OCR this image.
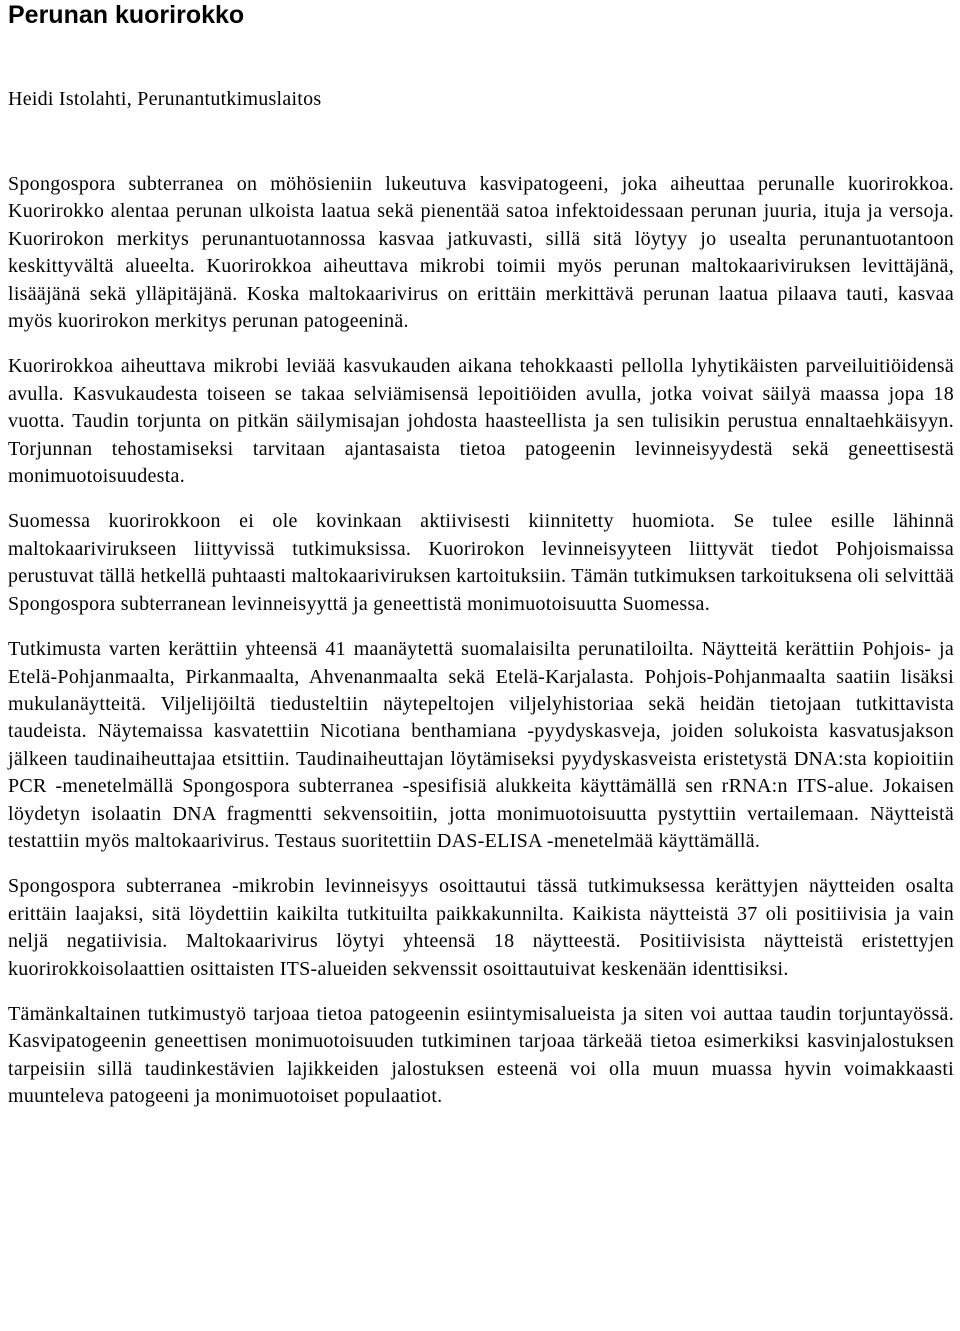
Perunan kuorirokko

Heidi Istolahti, Perunantutkimuslaitos

Spongospora subterranea on möhösieniin lukeutuva kasvipatogeeni, joka aiheuttaa perunalle kuorirokkoa. Kuorirokko alentaa perunan ulkoista laatua sekä pienentää satoa infektoidessaan perunan juuria, ituja ja versoja. Kuorirokon merkitys perunantuotannossa kasvaa jatkuvasti, sillä sitä löytyy jo usealta perunantuotantoon keskittyvältä alueelta. Kuorirokkoa aiheuttava mikrobi toimii myös perunan maltokaariviruksen levittäjänä, lisääjänä sekä ylläpitäjänä. Koska maltokaarivirus on erittäin merkittävä perunan laatua pilaava tauti, kasvaa myös kuorirokon merkitys perunan patogeeninä.

Kuorirokkoa aiheuttava mikrobi leviää kasvukauden aikana tehokkaasti pellolla lyhytikäisten parveiluitiöidensä avulla. Kasvukaudesta toiseen se takaa selviämisensä lepoitiöiden avulla, jotka voivat säilyä maassa jopa 18 vuotta. Taudin torjunta on pitkän säilymisajan johdosta haasteellista ja sen tulisikin perustua ennaltaehkäisyyn. Torjunnan tehostamiseksi tarvitaan ajantasaista tietoa patogeenin levinneisyydestä sekä geneettisestä monimuotoisuudesta.

Suomessa kuorirokkoon ei ole kovinkaan aktiivisesti kiinnitetty huomiota. Se tulee esille lähinnä maltokaarivirukseen liittyvissä tutkimuksissa. Kuorirokon levinneisyyteen liittyvät tiedot Pohjoismaissa perustuvat tällä hetkellä puhtaasti maltokaariviruksen kartoituksiin. Tämän tutkimuksen tarkoituksena oli selvittää Spongospora subterranean levinneisyyttä ja geneettistä monimuotoisuutta Suomessa.

Tutkimusta varten kerättiin yhteensä 41 maanäytettä suomalaisilta perunatiloilta. Näytteitä kerättiin Pohjois- ja Etelä-Pohjanmaalta, Pirkanmaalta, Ahvenanmaalta sekä Etelä-Karjalasta. Pohjois-Pohjanmaalta saatiin lisäksi mukulanäytteitä. Viljelijöiltä tiedusteltiin näytepeltojen viljelyhistoriaa sekä heidän tietojaan tutkittavista taudeista. Näytemaissa kasvatettiin Nicotiana benthamiana -pyydyskasveja, joiden solukoista kasvatusjakson jälkeen taudinaiheuttajaa etsittiin. Taudinaiheuttajan löytämiseksi pyydyskasveista eristetystä DNA:sta kopioitiin PCR -menetelmällä Spongospora subterranea -spesifisiä alukkeita käyttämällä sen rRNA:n ITS-alue. Jokaisen löydetyn isolaatin DNA fragmentti sekvensoitiin, jotta monimuotoisuutta pystyttiin vertailemaan. Näytteistä testattiin myös maltokaarivirus. Testaus suoritettiin DAS-ELISA -menetelmää käyttämällä.

Spongospora subterranea -mikrobin levinneisyys osoittautui tässä tutkimuksessa kerättyjen näytteiden osalta erittäin laajaksi, sitä löydettiin kaikilta tutkituilta paikkakunnilta. Kaikista näytteistä 37 oli positiivisia ja vain neljä negatiivisia. Maltokaarivirus löytyi yhteensä 18 näytteestä. Positiivisista näytteistä eristettyjen kuorirokkoisolaattien osittaisten ITS-alueiden sekvenssit osoittautuivat keskenään identtisiksi.

Tämänkaltainen tutkimustyö tarjoaa tietoa patogeenin esiintymisalueista ja siten voi auttaa taudin torjuntayössä. Kasvipatogeenin geneettisen monimuotoisuuden tutkiminen tarjoaa tärkeää tietoa esimerkiksi kasvinjalostuksen tarpeisiin sillä taudinkestävien lajikkeiden jalostuksen esteenä voi olla muun muassa hyvin voimakkaasti muunteleva patogeeni ja monimuotoiset populaatiot.
